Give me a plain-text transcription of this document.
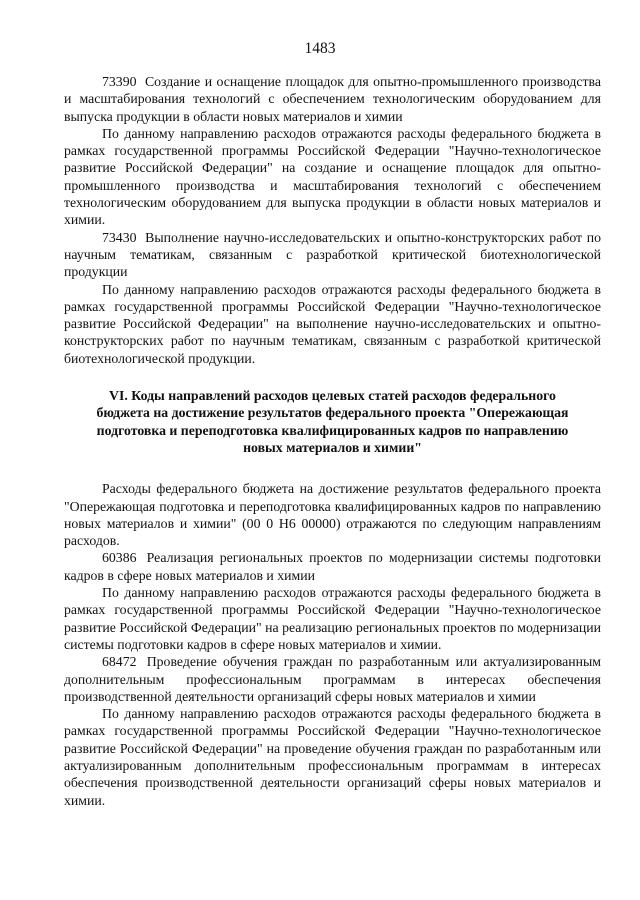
1483

73390 Создание и оснащение площадок для опытно-промышленного производства и масштабирования технологий с обеспечением технологическим оборудованием для выпуска продукции в области новых материалов и химии

По данному направлению расходов отражаются расходы федерального бюджета в рамках государственной программы Российской Федерации "Научно-технологическое развитие Российской Федерации" на создание и оснащение площадок для опытно-промышленного производства и масштабирования технологий с обеспечением технологическим оборудованием для выпуска продукции в области новых материалов и химии.

73430 Выполнение научно-исследовательских и опытно-конструкторских работ по научным тематикам, связанным с разработкой критической биотехнологической продукции

По данному направлению расходов отражаются расходы федерального бюджета в рамках государственной программы Российской Федерации "Научно-технологическое развитие Российской Федерации" на выполнение научно-исследовательских и опытно-конструкторских работ по научным тематикам, связанным с разработкой критической биотехнологической продукции.

VI. Коды направлений расходов целевых статей расходов федерального
бюджета на достижение результатов федерального проекта "Опережающая
подготовка и переподготовка квалифицированных кадров по направлению
новых материалов и химии"

Расходы федерального бюджета на достижение результатов федерального проекта "Опережающая подготовка и переподготовка квалифицированных кадров по направлению новых материалов и химии" (00 0 Н6 00000) отражаются по следующим направлениям расходов.

60386 Реализация региональных проектов по модернизации системы подготовки кадров в сфере новых материалов и химии

По данному направлению расходов отражаются расходы федерального бюджета в рамках государственной программы Российской Федерации "Научно-технологическое развитие Российской Федерации" на реализацию региональных проектов по модернизации системы подготовки кадров в сфере новых материалов и химии.

68472 Проведение обучения граждан по разработанным или актуализированным дополнительным профессиональным программам в интересах обеспечения производственной деятельности организаций сферы новых материалов и химии

По данному направлению расходов отражаются расходы федерального бюджета в рамках государственной программы Российской Федерации "Научно-технологическое развитие Российской Федерации" на проведение обучения граждан по разработанным или актуализированным дополнительным профессиональным программам в интересах обеспечения производственной деятельности организаций сферы новых материалов и химии.
